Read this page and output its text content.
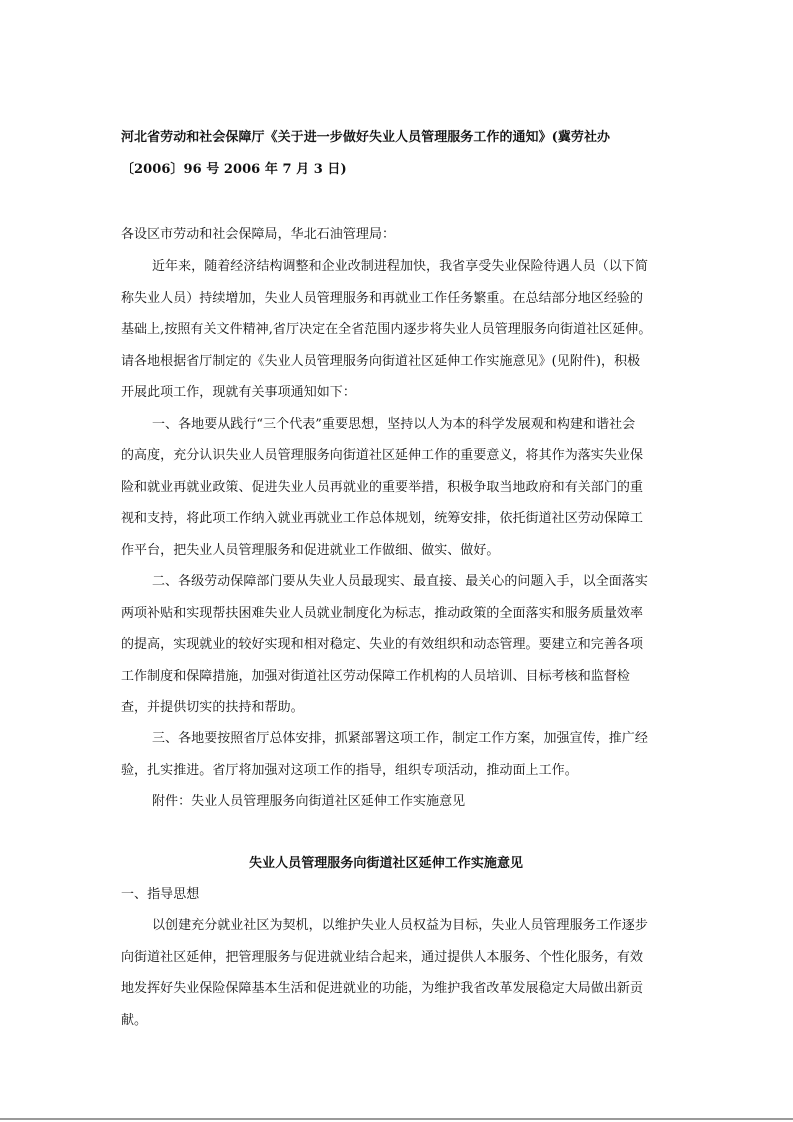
河北省劳动和社会保障厅《关于进一步做好失业人员管理服务工作的通知》(冀劳社办
〔2006〕96 号 2006 年 7 月 3 日)
各设区市劳动和社会保障局，华北石油管理局：
近年来，随着经济结构调整和企业改制进程加快，我省享受失业保险待遇人员（以下简
称失业人员）持续增加，失业人员管理服务和再就业工作任务繁重。在总结部分地区经验的
基础上,按照有关文件精神,省厅决定在全省范围内逐步将失业人员管理服务向街道社区延伸。
请各地根据省厅制定的《失业人员管理服务向街道社区延伸工作实施意见》(见附件)，积极
开展此项工作，现就有关事项通知如下：
一、各地要从践行“三个代表”重要思想，坚持以人为本的科学发展观和构建和谐社会
的高度，充分认识失业人员管理服务向街道社区延伸工作的重要意义，将其作为落实失业保
险和就业再就业政策、促进失业人员再就业的重要举措，积极争取当地政府和有关部门的重
视和支持，将此项工作纳入就业再就业工作总体规划，统筹安排，依托街道社区劳动保障工
作平台，把失业人员管理服务和促进就业工作做细、做实、做好。
二、各级劳动保障部门要从失业人员最现实、最直接、最关心的问题入手，以全面落实
两项补贴和实现帮扶困难失业人员就业制度化为标志，推动政策的全面落实和服务质量效率
的提高，实现就业的较好实现和相对稳定、失业的有效组织和动态管理。要建立和完善各项
工作制度和保障措施，加强对街道社区劳动保障工作机构的人员培训、目标考核和监督检
查，并提供切实的扶持和帮助。
三、各地要按照省厅总体安排，抓紧部署这项工作，制定工作方案，加强宣传，推广经
验，扎实推进。省厅将加强对这项工作的指导，组织专项活动，推动面上工作。
附件：失业人员管理服务向街道社区延伸工作实施意见
失业人员管理服务向街道社区延伸工作实施意见
一、指导思想
以创建充分就业社区为契机，以维护失业人员权益为目标，失业人员管理服务工作逐步
向街道社区延伸，把管理服务与促进就业结合起来，通过提供人本服务、个性化服务，有效
地发挥好失业保险保障基本生活和促进就业的功能，为维护我省改革发展稳定大局做出新贡
献。
